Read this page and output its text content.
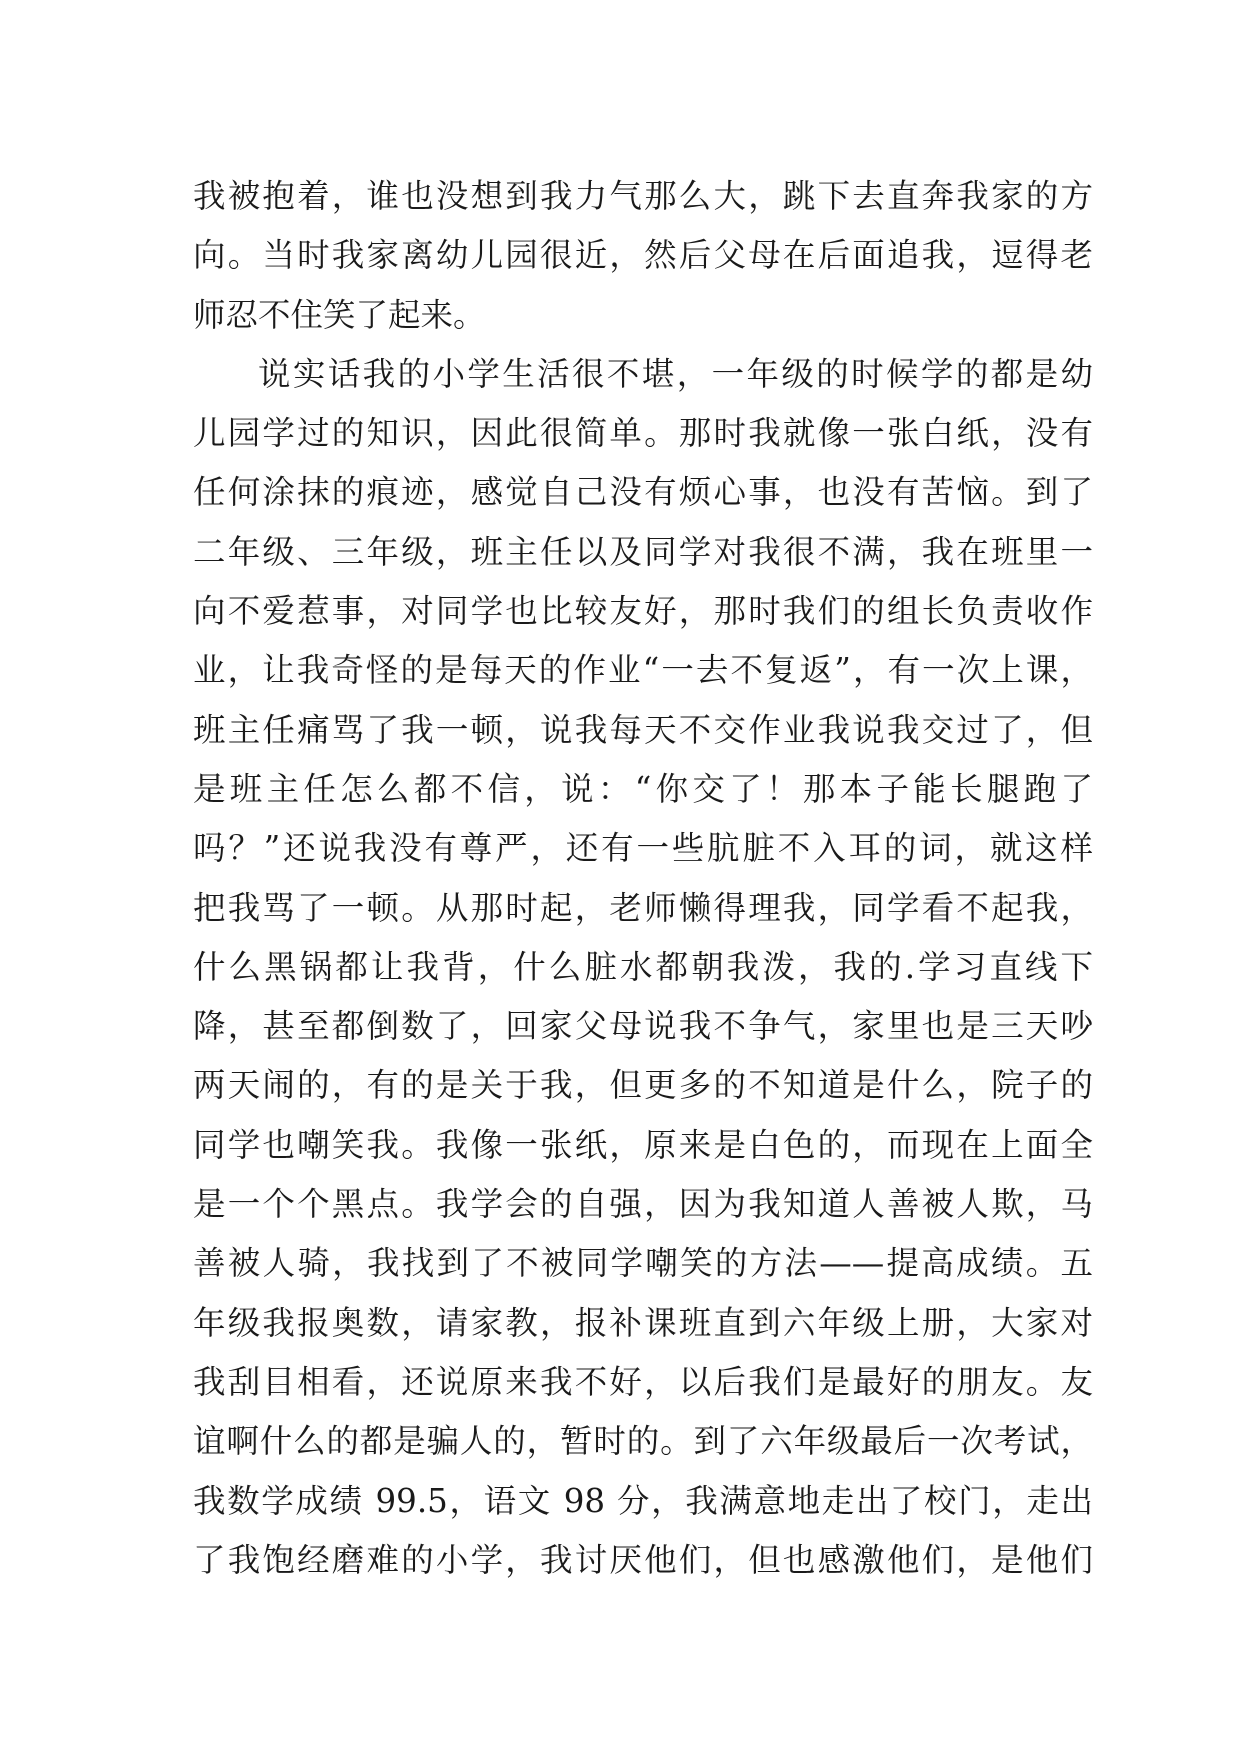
我被抱着，谁也没想到我力气那么大，跳下去直奔我家的方
向。当时我家离幼儿园很近，然后父母在后面追我，逗得老
师忍不住笑了起来。
说实话我的小学生活很不堪，一年级的时候学的都是幼
儿园学过的知识，因此很简单。那时我就像一张白纸，没有
任何涂抹的痕迹，感觉自己没有烦心事，也没有苦恼。到了
二年级、三年级，班主任以及同学对我很不满，我在班里一
向不爱惹事，对同学也比较友好，那时我们的组长负责收作
业，让我奇怪的是每天的作业“一去不复返”，有一次上课，
班主任痛骂了我一顿，说我每天不交作业我说我交过了，但
是班主任怎么都不信，说：“你交了！那本子能长腿跑了
吗？”还说我没有尊严，还有一些肮脏不入耳的词，就这样
把我骂了一顿。从那时起，老师懒得理我，同学看不起我，
什么黑锅都让我背，什么脏水都朝我泼，我的.学习直线下
降，甚至都倒数了，回家父母说我不争气，家里也是三天吵
两天闹的，有的是关于我，但更多的不知道是什么，院子的
同学也嘲笑我。我像一张纸，原来是白色的，而现在上面全
是一个个黑点。我学会的自强，因为我知道人善被人欺，马
善被人骑，我找到了不被同学嘲笑的方法——提高成绩。五
年级我报奥数，请家教，报补课班直到六年级上册，大家对
我刮目相看，还说原来我不好，以后我们是最好的朋友。友
谊啊什么的都是骗人的，暂时的。到了六年级最后一次考试，
我数学成绩 99.5，语文 98 分，我满意地走出了校门，走出
了我饱经磨难的小学，我讨厌他们，但也感激他们，是他们
